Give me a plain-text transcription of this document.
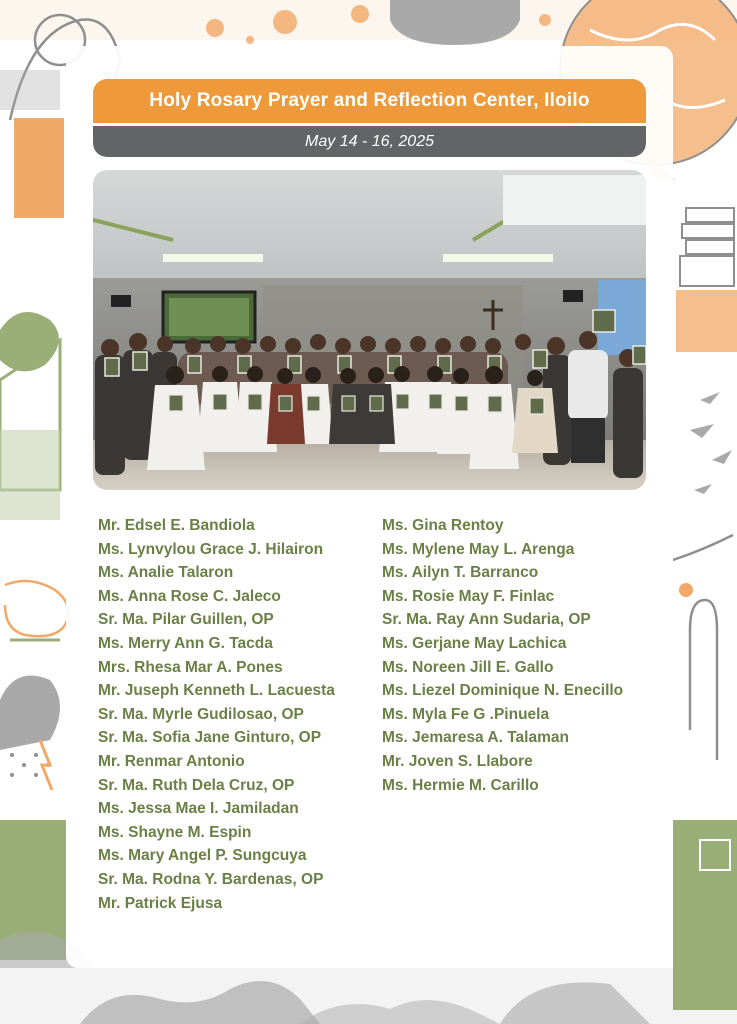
Holy Rosary Prayer and Reflection Center, Iloilo
May 14 - 16, 2025
Mr. Edsel E. Bandiola
Ms. Lynvylou Grace J. Hilairon
Ms. Analie Talaron
Ms. Anna Rose C. Jaleco
Sr. Ma. Pilar Guillen, OP
Ms. Merry Ann G. Tacda
Mrs. Rhesa Mar A. Pones
Mr. Juseph Kenneth L. Lacuesta
Sr. Ma. Myrle Gudilosao, OP
Sr. Ma. Sofia Jane Ginturo, OP
Mr. Renmar Antonio
Sr. Ma. Ruth Dela Cruz, OP
Ms. Jessa Mae I. Jamiladan
Ms. Shayne M. Espin
Ms. Mary Angel P. Sungcuya
Sr. Ma. Rodna Y. Bardenas, OP
Mr. Patrick Ejusa
Ms. Gina Rentoy
Ms. Mylene May L. Arenga
Ms. Ailyn T. Barranco
Ms. Rosie May F. Finlac
Sr. Ma. Ray Ann Sudaria, OP
Ms. Gerjane May Lachica
Ms. Noreen Jill E. Gallo
Ms. Liezel Dominique N. Enecillo
Ms. Myla Fe G .Pinuela
Ms. Jemaresa A. Talaman
Mr. Joven S. Llabore
Ms. Hermie M. Carillo
